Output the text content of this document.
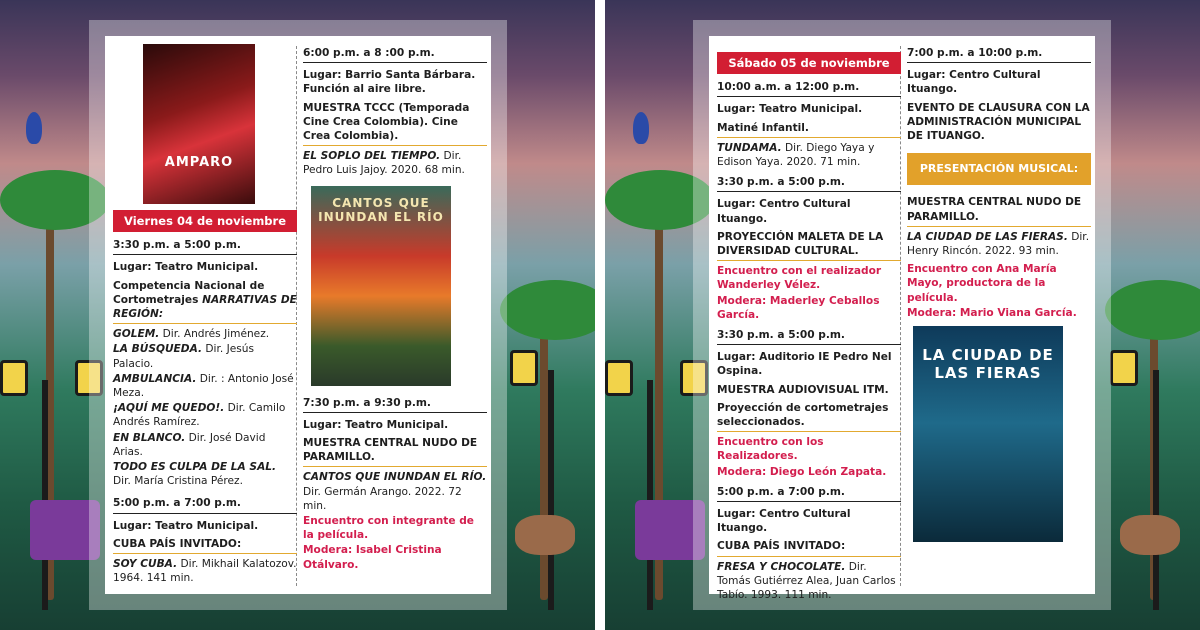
AMPARO
Viernes 04 de noviembre
3:30 p.m. a 5:00 p.m.
Lugar: Teatro Municipal.
Competencia Nacional de Cortometrajes NARRATIVAS DE REGIÓN:
GOLEM. Dir. Andrés Jiménez.
LA BÚSQUEDA. Dir. Jesús Palacio.
AMBULANCIA. Dir. : Antonio José Meza.
¡AQUÍ ME QUEDO!. Dir. Camilo Andrés Ramírez.
EN BLANCO. Dir. José David Arias.
TODO ES CULPA DE LA SAL. Dir. María Cristina Pérez.
5:00 p.m. a 7:00 p.m.
Lugar: Teatro Municipal.
CUBA PAÍS INVITADO:
SOY CUBA. Dir. Mikhail Kalatozov. 1964. 141 min.
6:00 p.m. a 8 :00 p.m.
Lugar: Barrio Santa Bárbara. Función al aire libre.
MUESTRA TCCC (Temporada Cine Crea Colombia). Cine Crea Colombia).
EL SOPLO DEL TIEMPO. Dir. Pedro Luis Jajoy. 2020. 68 min.
CANTOS QUE INUNDAN EL RÍO
7:30 p.m. a 9:30 p.m.
Lugar: Teatro Municipal.
MUESTRA CENTRAL NUDO DE PARAMILLO.
CANTOS QUE INUNDAN EL RÍO. Dir. Germán Arango. 2022. 72 min.
Encuentro con integrante de la película.
Modera: Isabel Cristina Otálvaro.
Sábado 05 de noviembre
10:00 a.m. a 12:00 p.m.
Lugar: Teatro Municipal.
Matiné Infantil.
TUNDAMA. Dir. Diego Yaya y Edison Yaya. 2020. 71 min.
3:30 p.m. a 5:00 p.m.
Lugar: Centro Cultural Ituango.
PROYECCIÓN MALETA DE LA DIVERSIDAD CULTURAL.
Encuentro con el realizador Wanderley Vélez.
Modera: Maderley Ceballos García.
3:30 p.m. a 5:00 p.m.
Lugar: Auditorio IE Pedro Nel Ospina.
MUESTRA AUDIOVISUAL ITM.
Proyección de cortometrajes seleccionados.
Encuentro con los Realizadores.
Modera: Diego León Zapata.
5:00 p.m. a 7:00 p.m.
Lugar: Centro Cultural Ituango.
CUBA PAÍS INVITADO:
FRESA Y CHOCOLATE. Dir. Tomás Gutiérrez Alea, Juan Carlos Tabío. 1993. 111 min.
7:00 p.m. a 10:00 p.m.
Lugar: Centro Cultural Ituango.
EVENTO DE CLAUSURA CON LA ADMINISTRACIÓN MUNICIPAL DE ITUANGO.
PRESENTACIÓN MUSICAL:
MUESTRA CENTRAL NUDO DE PARAMILLO.
LA CIUDAD DE LAS FIERAS. Dir. Henry Rincón. 2022. 93 min.
Encuentro con Ana María Mayo, productora de la película.
Modera: Mario Viana García.
LA CIUDAD DE LAS FIERAS
